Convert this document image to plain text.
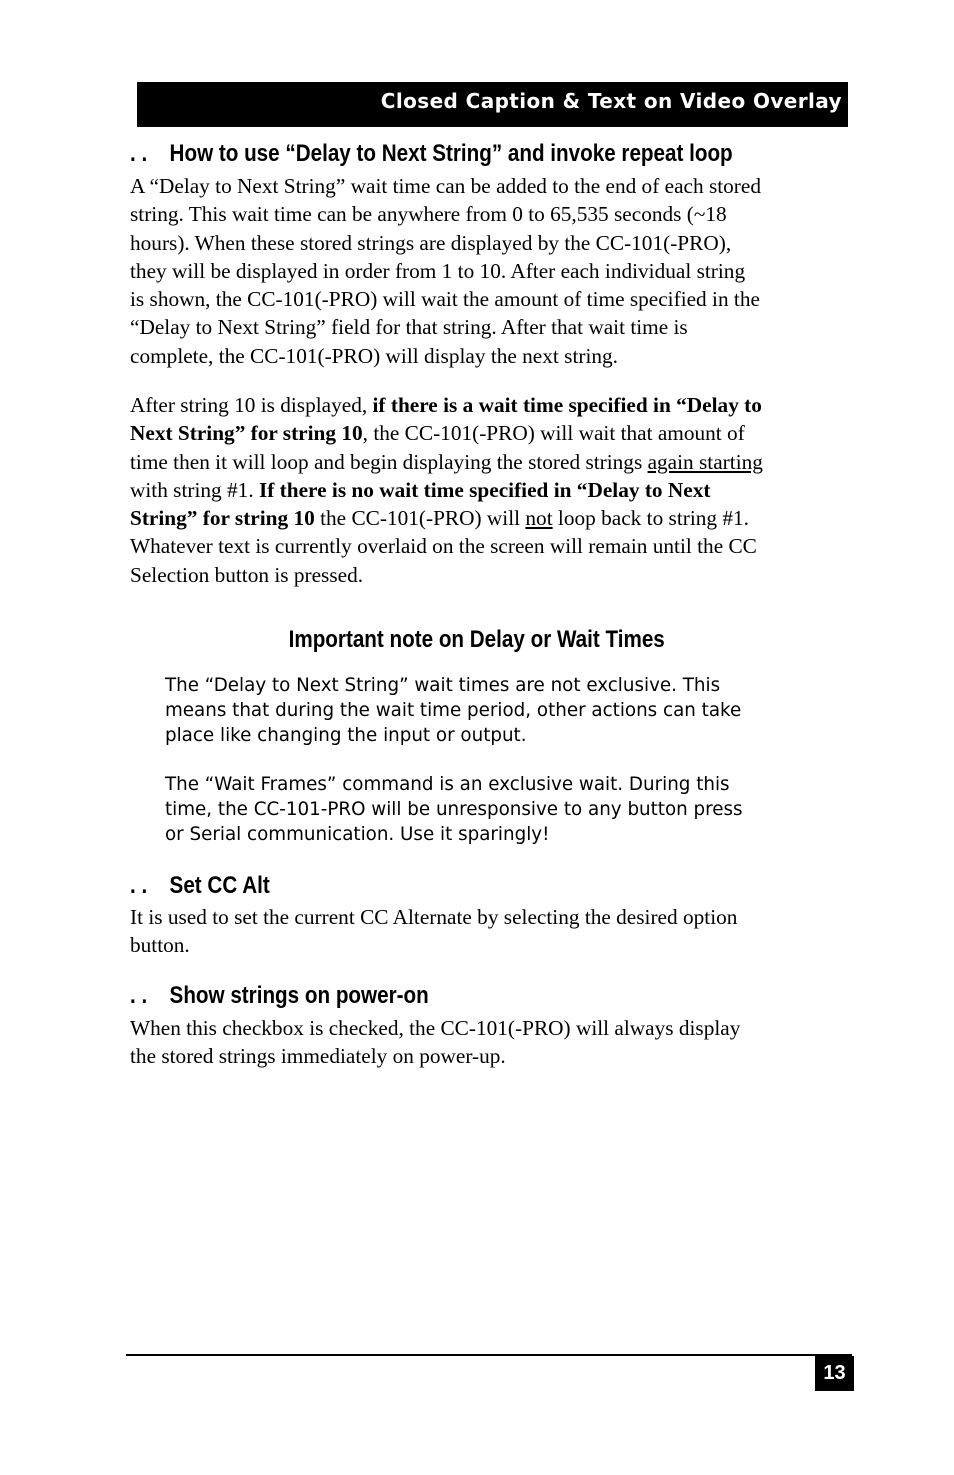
Closed Caption & Text on Video Overlay
. . How to use “Delay to Next String” and invoke repeat loop
A “Delay to Next String” wait time can be added to the end of each stored
string. This wait time can be anywhere from 0 to 65,535 seconds (~18
hours). When these stored strings are displayed by the CC-101(-PRO),
they will be displayed in order from 1 to 10. After each individual string
is shown, the CC-101(-PRO) will wait the amount of time specified in the
“Delay to Next String” field for that string. After that wait time is
complete, the CC-101(-PRO) will display the next string.
After string 10 is displayed, if there is a wait time specified in “Delay to
Next String” for string 10, the CC-101(-PRO) will wait that amount of
time then it will loop and begin displaying the stored strings again starting
with string #1. If there is no wait time specified in “Delay to Next
String” for string 10 the CC-101(-PRO) will not loop back to string #1.
Whatever text is currently overlaid on the screen will remain until the CC
Selection button is pressed.
Important note on Delay or Wait Times
The “Delay to Next String” wait times are not exclusive. This
means that during the wait time period, other actions can take
place like changing the input or output.
The “Wait Frames” command is an exclusive wait. During this
time, the CC-101-PRO will be unresponsive to any button press
or Serial communication. Use it sparingly!
. . Set CC Alt
It is used to set the current CC Alternate by selecting the desired option
button.
. . Show strings on power-on
When this checkbox is checked, the CC-101(-PRO) will always display
the stored strings immediately on power-up.
13
